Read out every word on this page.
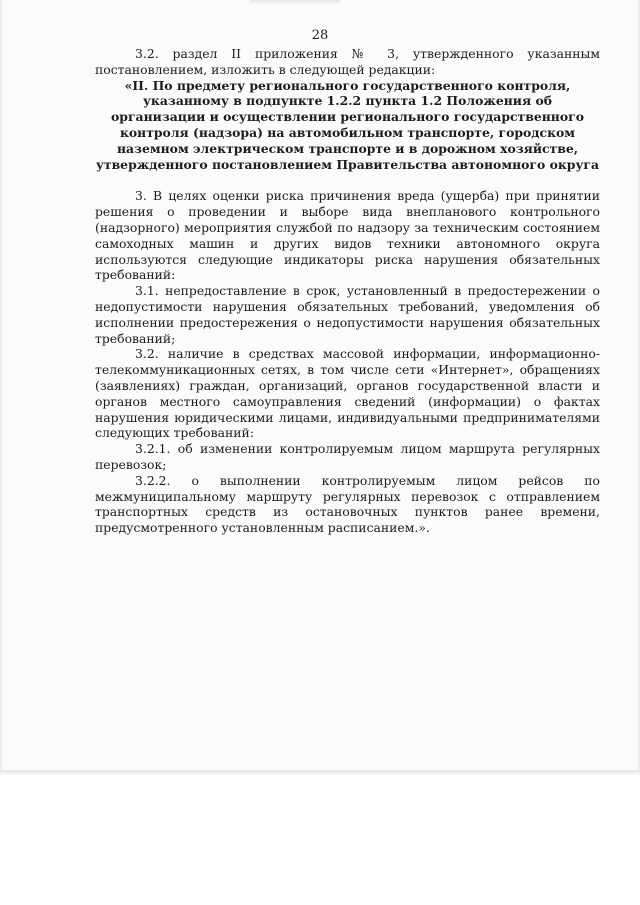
28

3.2. раздел II приложения № 3, утвержденного указанным постановлением, изложить в следующей редакции:

«II. По предмету регионального государственного контроля, указанному в подпункте 1.2.2 пункта 1.2 Положения об организации и осуществлении регионального государственного контроля (надзора) на автомобильном транспорте, городском наземном электрическом транспорте и в дорожном хозяйстве, утвержденного постановлением Правительства автономного округа

3. В целях оценки риска причинения вреда (ущерба) при принятии решения о проведении и выборе вида внепланового контрольного (надзорного) мероприятия службой по надзору за техническим состоянием самоходных машин и других видов техники автономного округа используются следующие индикаторы риска нарушения обязательных требований:

3.1. непредоставление в срок, установленный в предостережении о недопустимости нарушения обязательных требований, уведомления об исполнении предостережения о недопустимости нарушения обязательных требований;

3.2. наличие в средствах массовой информации, информационно-телекоммуникационных сетях, в том числе сети «Интернет», обращениях (заявлениях) граждан, организаций, органов государственной власти и органов местного самоуправления сведений (информации) о фактах нарушения юридическими лицами, индивидуальными предпринимателями следующих требований:

3.2.1. об изменении контролируемым лицом маршрута регулярных перевозок;

3.2.2. о выполнении контролируемым лицом рейсов по межмуниципальному маршруту регулярных перевозок с отправлением транспортных средств из остановочных пунктов ранее времени, предусмотренного установленным расписанием.».
